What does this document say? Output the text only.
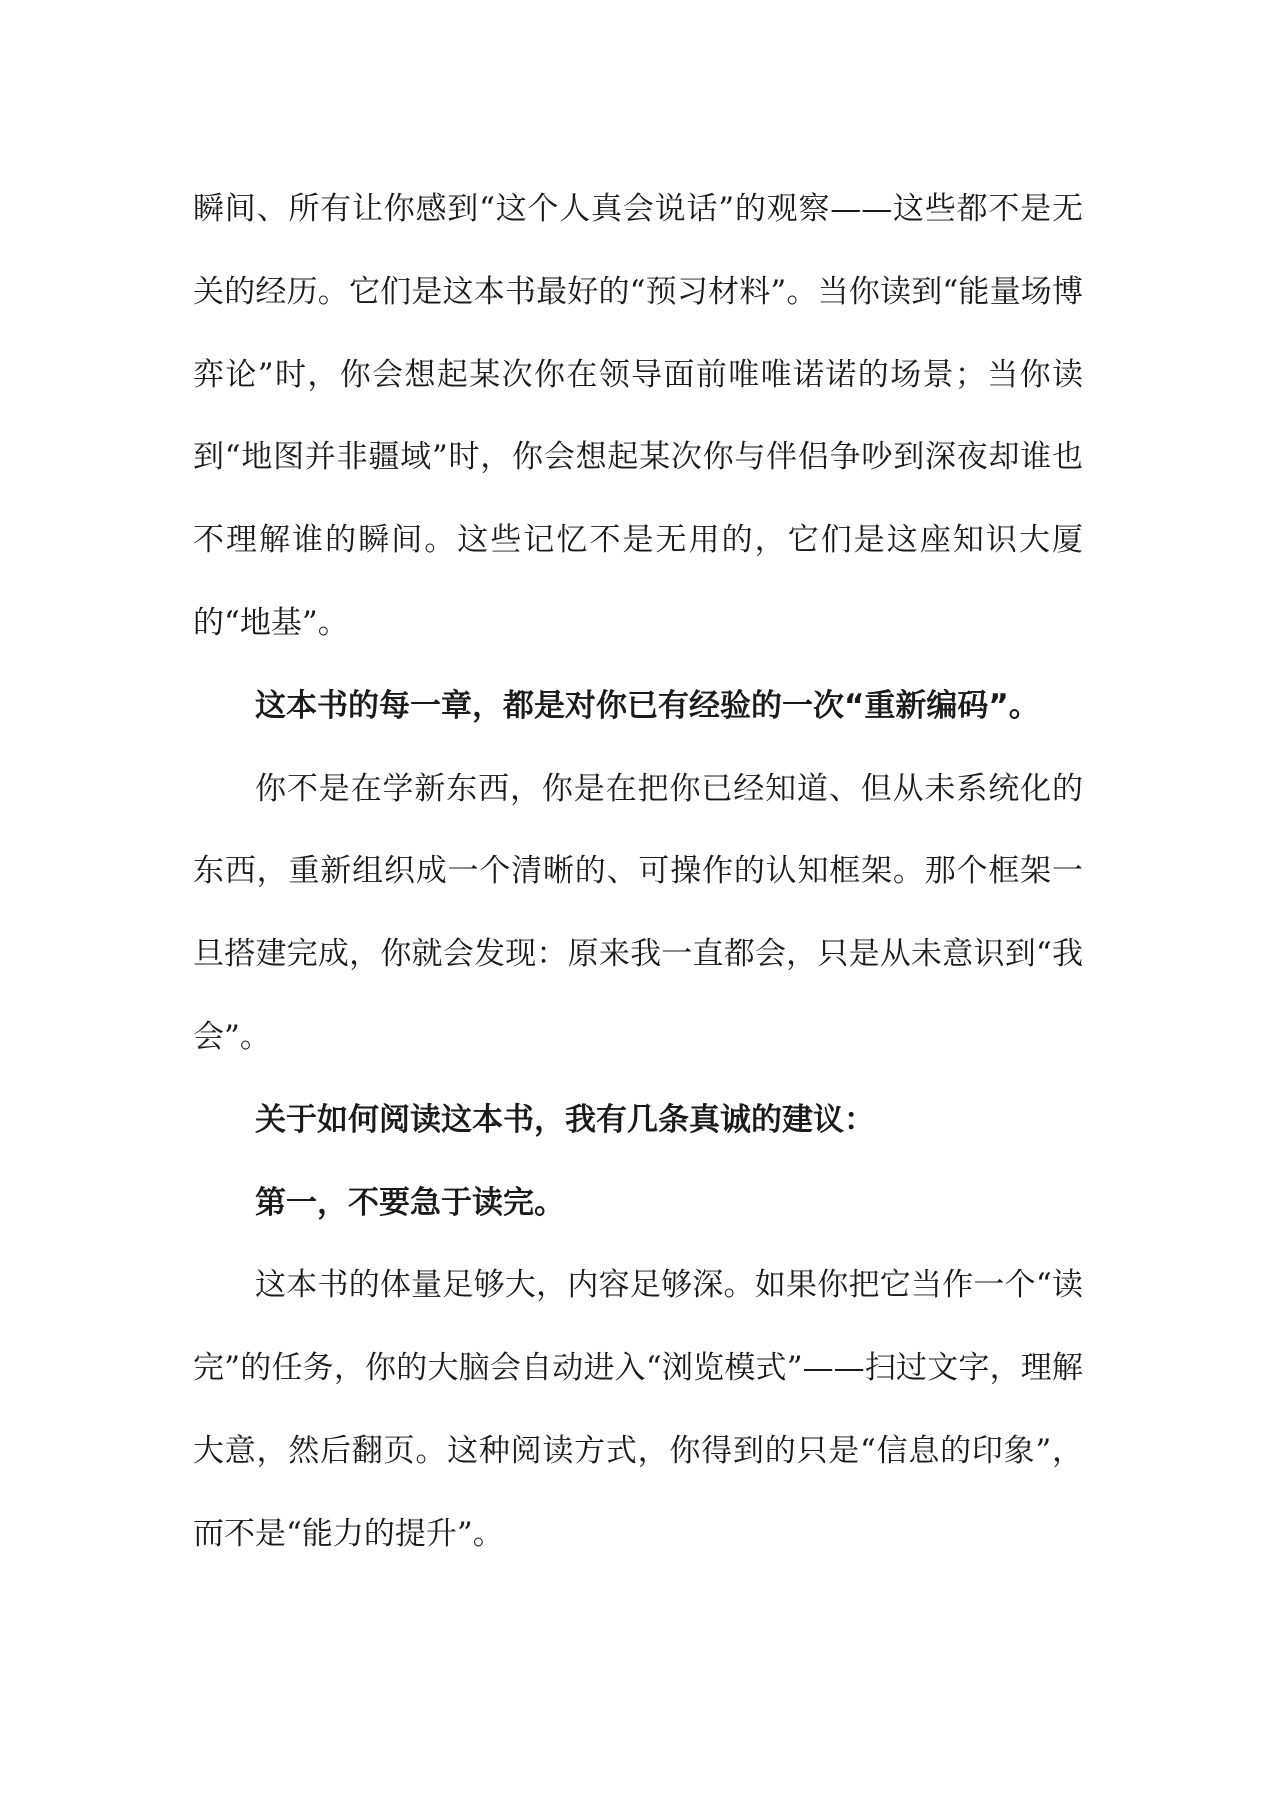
瞬间、所有让你感到“这个人真会说话”的观察——这些都不是无关的经历。它们是这本书最好的“预习材料”。当你读到“能量场博弈论”时，你会想起某次你在领导面前唯唯诺诺的场景；当你读到“地图并非疆域”时，你会想起某次你与伴侣争吵到深夜却谁也不理解谁的瞬间。这些记忆不是无用的，它们是这座知识大厦的“地基”。

这本书的每一章，都是对你已有经验的一次“重新编码”。

你不是在学新东西，你是在把你已经知道、但从未系统化的东西，重新组织成一个清晰的、可操作的认知框架。那个框架一旦搭建完成，你就会发现：原来我一直都会，只是从未意识到“我会”。

关于如何阅读这本书，我有几条真诚的建议：

第一，不要急于读完。

这本书的体量足够大，内容足够深。如果你把它当作一个“读完”的任务，你的大脑会自动进入“浏览模式”——扫过文字，理解大意，然后翻页。这种阅读方式，你得到的只是“信息的印象”，而不是“能力的提升”。
